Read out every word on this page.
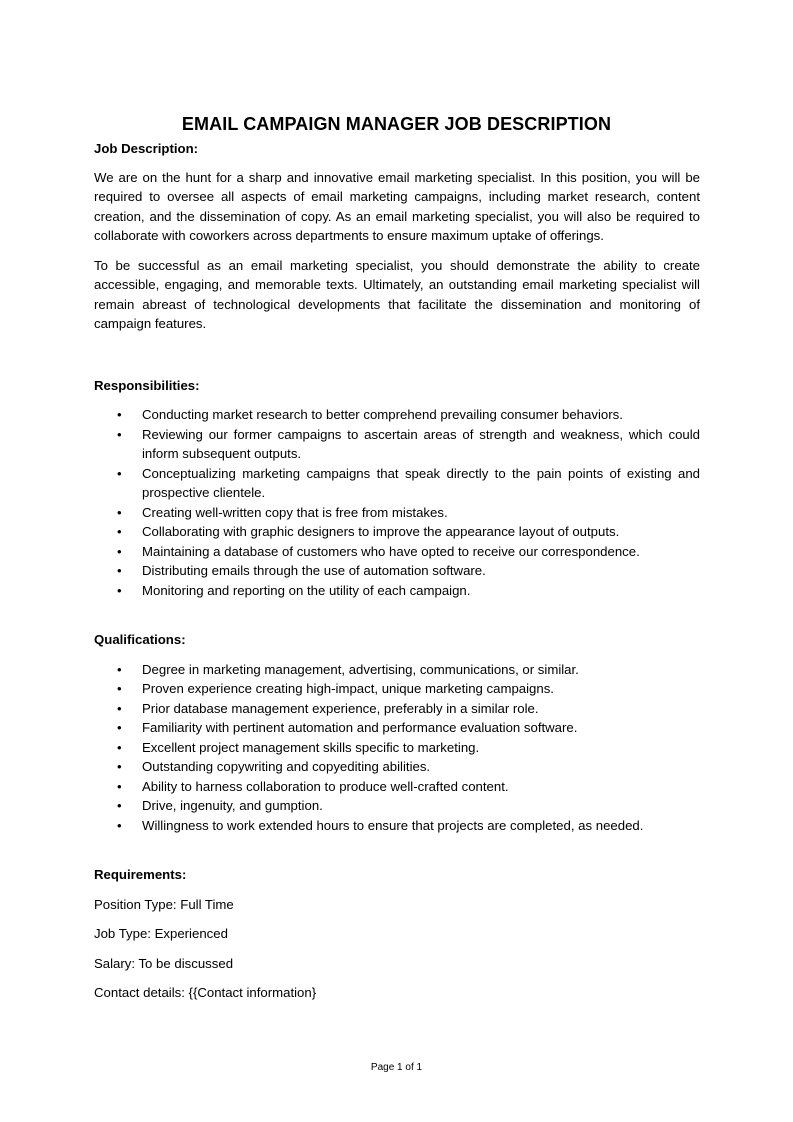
EMAIL CAMPAIGN MANAGER JOB DESCRIPTION
Job Description:

We are on the hunt for a sharp and innovative email marketing specialist. In this position, you will be required to oversee all aspects of email marketing campaigns, including market research, content creation, and the dissemination of copy. As an email marketing specialist, you will also be required to collaborate with coworkers across departments to ensure maximum uptake of offerings.

To be successful as an email marketing specialist, you should demonstrate the ability to create accessible, engaging, and memorable texts. Ultimately, an outstanding email marketing specialist will remain abreast of technological developments that facilitate the dissemination and monitoring of campaign features.

Responsibilities:
• Conducting market research to better comprehend prevailing consumer behaviors.
• Reviewing our former campaigns to ascertain areas of strength and weakness, which could inform subsequent outputs.
• Conceptualizing marketing campaigns that speak directly to the pain points of existing and prospective clientele.
• Creating well-written copy that is free from mistakes.
• Collaborating with graphic designers to improve the appearance layout of outputs.
• Maintaining a database of customers who have opted to receive our correspondence.
• Distributing emails through the use of automation software.
• Monitoring and reporting on the utility of each campaign.
Qualifications:
• Degree in marketing management, advertising, communications, or similar.
• Proven experience creating high-impact, unique marketing campaigns.
• Prior database management experience, preferably in a similar role.
• Familiarity with pertinent automation and performance evaluation software.
• Excellent project management skills specific to marketing.
• Outstanding copywriting and copyediting abilities.
• Ability to harness collaboration to produce well-crafted content.
• Drive, ingenuity, and gumption.
• Willingness to work extended hours to ensure that projects are completed, as needed.
Requirements:
Position Type: Full Time
Job Type: Experienced
Salary: To be discussed
Contact details: {{Contact information}
Page 1 of 1
